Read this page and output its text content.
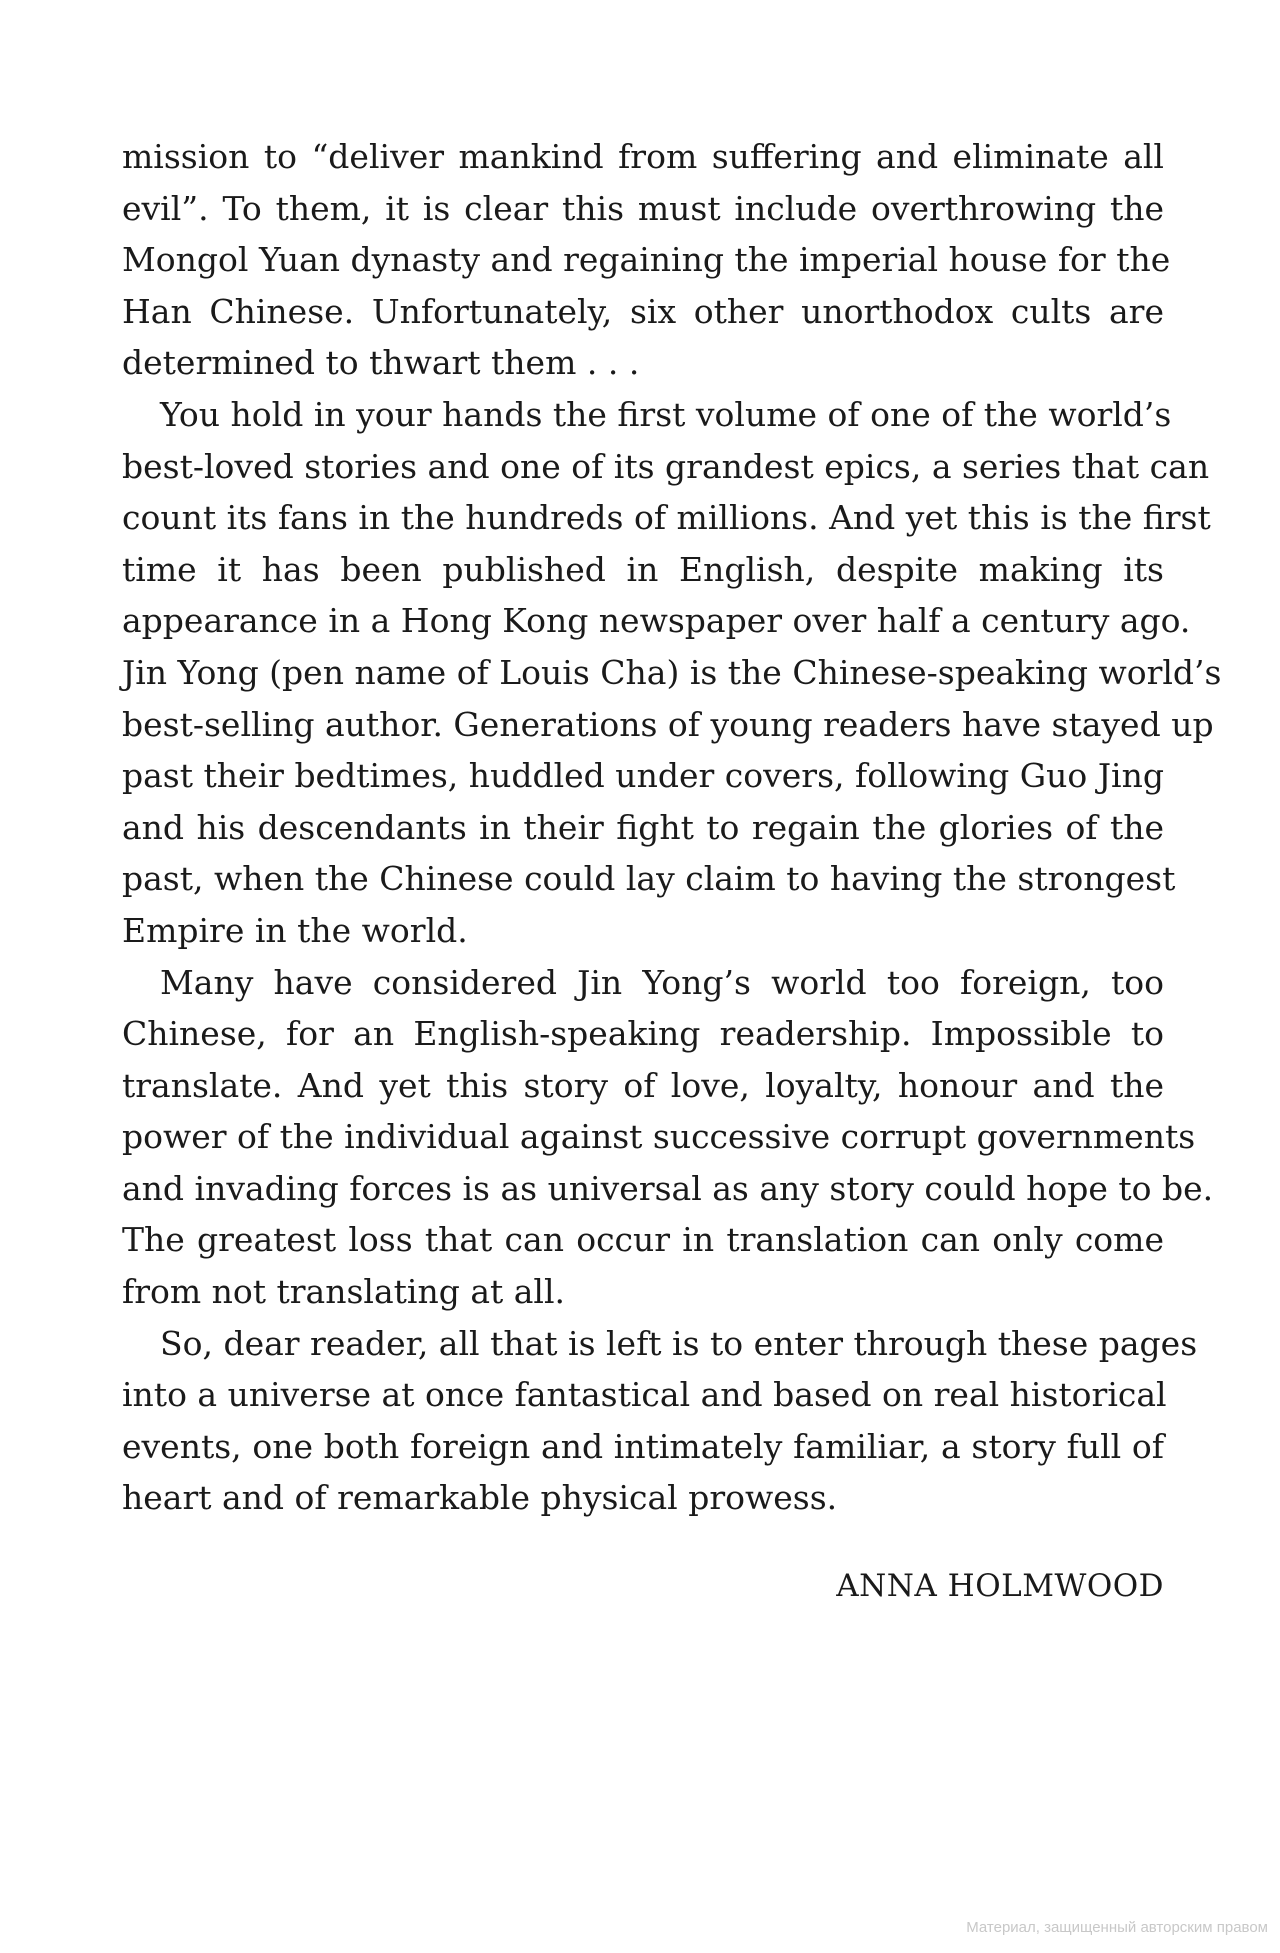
mission to “deliver mankind from suffering and eliminate all
evil”. To them, it is clear this must include overthrowing the
Mongol Yuan dynasty and regaining the imperial house for the
Han Chinese. Unfortunately, six other unorthodox cults are
determined to thwart them . . .
You hold in your hands the first volume of one of the world’s
best-loved stories and one of its grandest epics, a series that can
count its fans in the hundreds of millions. And yet this is the first
time it has been published in English, despite making its
appearance in a Hong Kong newspaper over half a century ago.
Jin Yong (pen name of Louis Cha) is the Chinese-speaking world’s
best-selling author. Generations of young readers have stayed up
past their bedtimes, huddled under covers, following Guo Jing
and his descendants in their fight to regain the glories of the
past, when the Chinese could lay claim to having the strongest
Empire in the world.
Many have considered Jin Yong’s world too foreign, too
Chinese, for an English-speaking readership. Impossible to
translate. And yet this story of love, loyalty, honour and the
power of the individual against successive corrupt governments
and invading forces is as universal as any story could hope to be.
The greatest loss that can occur in translation can only come
from not translating at all.
So, dear reader, all that is left is to enter through these pages
into a universe at once fantastical and based on real historical
events, one both foreign and intimately familiar, a story full of
heart and of remarkable physical prowess.
ANNA HOLMWOOD
Материал, защищенный авторским правом
